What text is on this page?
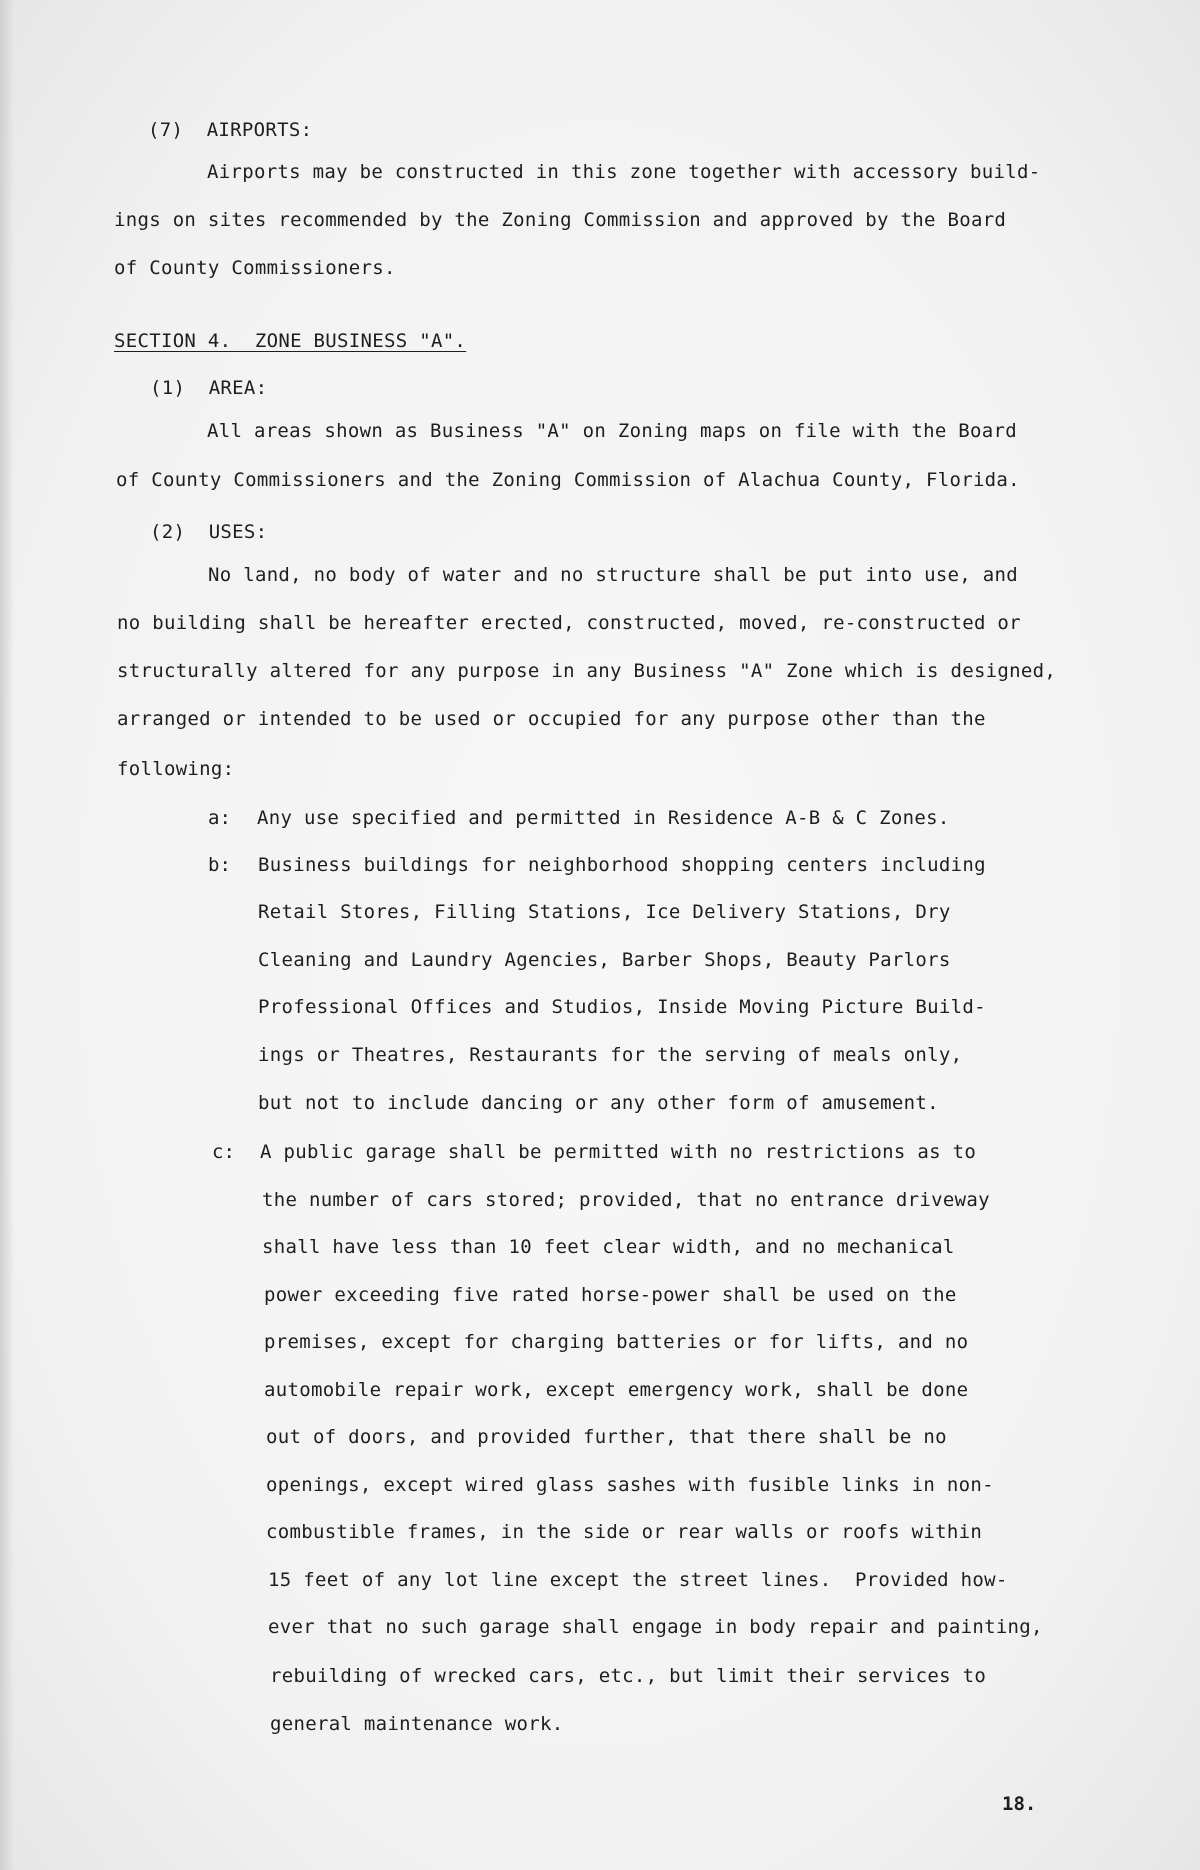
(7)  AIRPORTS:
Airports may be constructed in this zone together with accessory build-
ings on sites recommended by the Zoning Commission and approved by the Board
of County Commissioners.
SECTION 4.  ZONE BUSINESS "A".
(1)  AREA:
All areas shown as Business "A" on Zoning maps on file with the Board
of County Commissioners and the Zoning Commission of Alachua County, Florida.
(2)  USES:
No land, no body of water and no structure shall be put into use, and
no building shall be hereafter erected, constructed, moved, re-constructed or
structurally altered for any purpose in any Business "A" Zone which is designed,
arranged or intended to be used or occupied for any purpose other than the
following:
a: Any use specified and permitted in Residence A-B & C Zones.
b: Business buildings for neighborhood shopping centers including
Retail Stores, Filling Stations, Ice Delivery Stations, Dry
Cleaning and Laundry Agencies, Barber Shops, Beauty Parlors
Professional Offices and Studios, Inside Moving Picture Build-
ings or Theatres, Restaurants for the serving of meals only,
but not to include dancing or any other form of amusement.
c: A public garage shall be permitted with no restrictions as to
the number of cars stored; provided, that no entrance driveway
shall have less than 10 feet clear width, and no mechanical
power exceeding five rated horse-power shall be used on the
premises, except for charging batteries or for lifts, and no
automobile repair work, except emergency work, shall be done
out of doors, and provided further, that there shall be no
openings, except wired glass sashes with fusible links in non-
combustible frames, in the side or rear walls or roofs within
15 feet of any lot line except the street lines.  Provided how-
ever that no such garage shall engage in body repair and painting,
rebuilding of wrecked cars, etc., but limit their services to
general maintenance work.
18.
